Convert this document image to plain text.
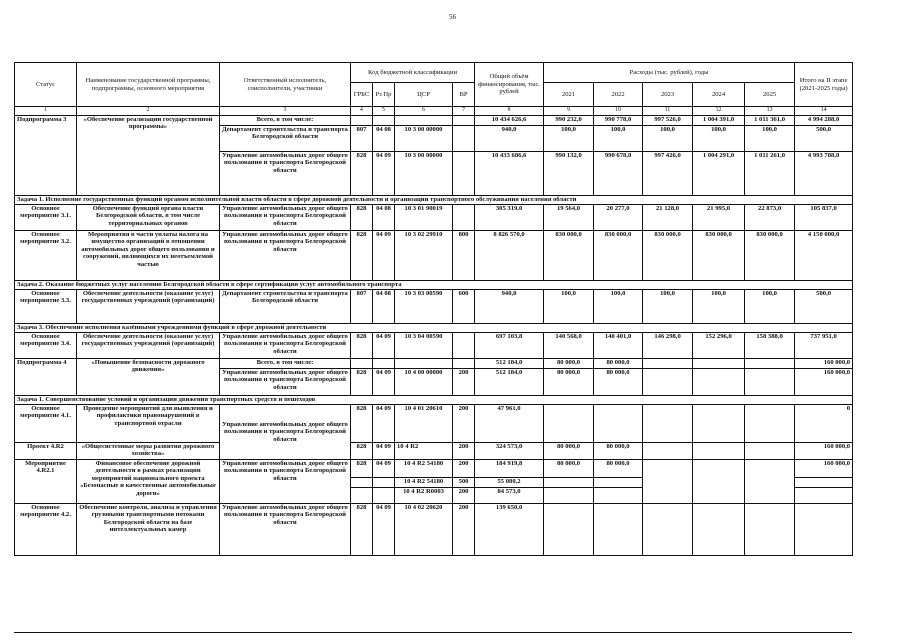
56
Статус	Наименование государственной программы, подпрограммы, основного мероприятия	Ответственный исполнитель, соисполнители, участники	Код бюджетной классификации				Общий объём финансирования, тыс. рублей	Расходы (тыс. рублей), годы					Итого на II этапе (2021-2025 годы)
			ГРБС	Рз Пр	ЦСР	ВР		2021	2022	2023	2024	2025	
1	2	3	4	5	6	7	8	9	10	11	12	13	14
Подпрограмма 3	«Обеспечение реализации государственной программы»	Всего, в том числе:					10 434 626,6	990 232,0	990 778,0	997 526,0	1 004 391,0	1 011 361,0	4 994 288,0
		Департамент строительства и транспорта Белгородской области	807	04 08	10 3 00 00000		940,0	100,0	100,0	100,0	100,0	100,0	500,0
		Управление автомобильных дорог общего пользования и транспорта Белгородской области	828	04 09	10 3 00 00000		10 433 686,6	990 132,0	990 678,0	997 426,0	1 004 291,0	1 011 261,0	4 993 788,0
Задача 1. Исполнение государственных функций органом исполнительной власти области в сфере дорожной деятельности и организации транспортного обслуживания населения области													
Основное мероприятие 3.1.	Обеспечение функций органа власти Белгородской области, в том числе территориальных органов	Управление автомобильных дорог общего пользования и транспорта Белгородской области	828	04 08	10 3 01 90019		305 319,0	19 564,0	20 277,0	21 128,0	21 995,0	22 873,0	105 837,0
Основное мероприятие 3.2.	Мероприятия в части уплаты налога на имущество организаций в отношении автомобильных дорог общего пользования и сооружений, являющихся их неотъемлемой частью	Управление автомобильных дорог общего пользования и транспорта Белгородской области	828	04 09	10 3 02 29910	800	8 826 570,0	830 000,0	830 000,0	830 000,0	830 000,0	830 000,0	4 150 000,0
Задача 2. Оказание бюджетных услуг населению Белгородской области в сфере сертификации услуг автомобильного транспорта													
Основное мероприятие 3.3.	Обеспечение деятельности (оказание услуг) государственных учреждений (организаций)	Департамент строительства и транспорта Белгородской области	807	04 08	10 3 03 00590	600	940,0	100,0	100,0	100,0	100,0	100,0	500,0
Задача 3. Обеспечение исполнения казёнными учреждениями функций в сфере дорожной деятельности													
Основное мероприятие 3.4.	Обеспечение деятельности (оказание услуг) государственных учреждений (организаций)	Управление автомобильных дорог общего пользования и транспорта Белгородской области	828	04 09	10 3 04 00590		697 103,8	140 568,0	140 401,0	146 298,0	152 296,0	158 388,0	737 951,0
Подпрограмма 4	«Повышение безопасности дорожного движения»	Всего, в том числе:					512 184,0	80 000,0	80 000,0				160 000,0
		Управление автомобильных дорог общего пользования и транспорта Белгородской области	828	04 09	10 4 00 00000	200	512 184,0	80 000,0	80 000,0				160 000,0
Задача 1. Совершенствование условий и организации движения транспортных средств и пешеходов													
Основное мероприятие 4.1.	Проведение мероприятий для выявления и профилактики правонарушений в транспортной отрасли	Управление автомобильных дорог общего пользования и транспорта Белгородской области	828	04 09	10 4 01 20610	200	47 961,0						0
Проект 4.R2	«Общесистемные меры развития дорожного хозяйства»		828	04 09	10 4 R2	200	324 573,0	80 000,0	80 000,0				160 000,0
Мероприятие 4.R2.1	Финансовое обеспечение дорожной деятельности в рамках реализации мероприятий национального проекта «Безопасные и качественные автомобильные дороги»	Управление автомобильных дорог общего пользования и транспорта Белгородской области	828	04 09	10 4 R2 54180	200	184 919,8	80 000,0	80 000,0				160 000,0
					10 4 R2 54180	500	55 080,2						
					10 4 R2 R0003	200	84 573,0						
Основное мероприятие 4.2.	Обеспечение контроля, анализа и управления грузовыми транспортными потоками Белгородской области на базе интеллектуальных камер	Управление автомобильных дорог общего пользования и транспорта Белгородской области	828	04 09	10 4 02 20620	200	139 650,0						
